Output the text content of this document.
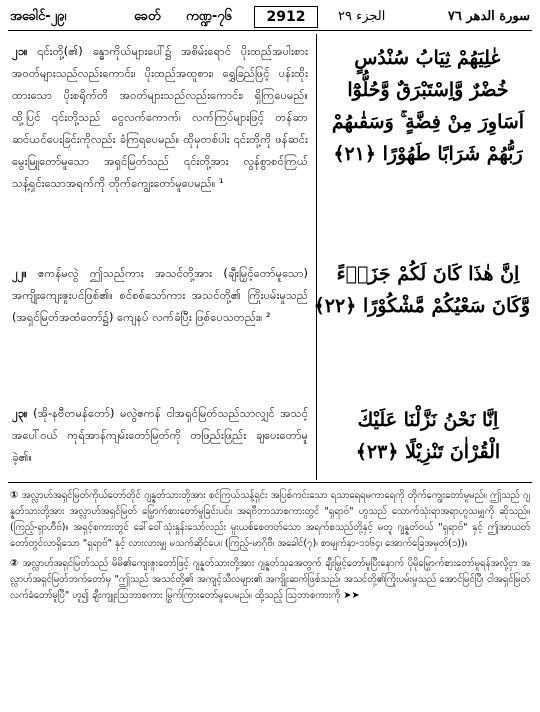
အခေါင်-၂၉၊	ခေတ် ကဏ္ဍ-၇၆	2912	الجزء ٢٩	سورة الدهر ٧٦
၂၁။ ၎င်းတို့(၏) ခန္ဓာကိုယ်များပေါ်၌ အစိမ်းရောင် ပိုးထည်အပါးစား အဝတ်များသည်လည်းကောင်း၊ ပိုးထည်အထူစား၊ ရွှေခြည်ဖြင့် ပန်းထိုးထားသော ပိုးစရိုက်တိ အဝတ်များသည်လည်းကောင်း၊ ရှိကြပေမည်။ ထို့ပြင် ၎င်းတို့သည် ငွေလက်ကောက်၊ လက်ကြပ်များဖြင့် တန်ဆာဆင်ယင်ပေးခြင်းကိုလည်း ခံကြရပေမည်။ ထိုမှတစ်ပါး ၎င်းတို့ကို ဖန်ဆင်းမွေးမြူတော်မူသော အရှင်မြတ်သည် ၎င်းတို့အား လွန်စွာစင်ကြယ် သန့်ရှင်းသောအရက်ကို တိုက်ကျွေးတော်မူပေမည်။ ¹
၂၂။ ဧကန်မလွဲ ဤသည်ကား အသင်တို့အား (ချီးမြှင့်တော်မူသော) အကျိုးကျေးဇူးပင်ဖြစ်၏။ စင်စစ်သော်ကား အသင်တို့၏ ကြိုးပမ်းမှုသည် (အရှင်မြတ်အထံတော်၌) ကျေနပ် လက်ခံပြီး ဖြစ်ပေသတည်း။ ²
၂၃။ (အို-နဗီတမန်တော်) မလွဲဧကန် ငါအရှင်မြတ်သည်သာလျှင် အသင့်အပေါ်ဝယ် ကုရ်အာန်ကျမ်းတော်မြတ်ကို တဖြည်းဖြည်း ချပေးတော်မူခဲ့၏။
عٰلِيَهُمْ ثِيَابُ سُنْدُسٍ
خُضْرٌ وَّاِسْتَبْرَقٌ وَّحُلُّوْٓا
اَسَاوِرَ مِنْ فِضَّةٍ ۚ وَسَقٰىهُمْ
رَبُّهُمْ شَرَابًا طَهُوْرًا ﴿٢١﴾
اِنَّ هٰذَا كَانَ لَكُمْ جَزَاۤءً
وَّكَانَ سَعْيُكُمْ مَّشْكُوْرًا ﴿٢٢﴾
اِنَّا نَحْنُ نَزَّلْنَا عَلَيْكَ
الْقُرْاٰنَ تَنْزِيْلًا ﴿٢٣﴾

① အလ္လာဟ်အရှင်မြတ်ကိုယ်တော်တိုင် ဂျန္နတ်သားတို့အား စင်ကြယ်သန့်ရှင်း အပြစ်ကင်းသော ရသာရေရမကာရေကို တိုက်ကျွေးတော်မူမည်။ ဤသည် ဂျန္နတ်သားတို့အား အလ္လာဟ်အရှင်မြတ် မြှောက်စားတော်မူခြင်းပင်။ အရဗီဘာသာစကားတွင် "ရှရာဗ်" ဟူသည် သောက်သုံးရာအရာဟူသမျှကို ဆိုသည်။ (ကြည့်-ရှာဟီဗ်)။ အရှင့်စကားတွင် ခေါ်ဝေါ်သုံးနှုန်းသော်လည်း မူးယစ်စေတတ်သော အရက်စသည်တို့နှင့် မတူ ဂျန္နတ်ဝယ် "ရှရာဗ်" နှင့် ဤအာယတ်တော်တွင်လာရှိသော "ရှရာဗ်" နှင့် လားလားမျှ မသက်ဆိုင်ပေ။ (ကြည့်-မာဂိုဗီ၊ အခေါင်(၇)၊ စာမျက်နှာ-၁၁၆၄၊ အောက်ခြေအမှတ်(၁))။

② အလ္လာဟ်အရှင်မြတ်သည် မိမိ၏ကျေးဇူးတော်ဖြင့် ဂျန္နတ်သားတို့အား ဂျန္နတ်သုခအတွက် ချီးမြှင့်တော်မူပြီးနောက် ပိုမိုမြှောက်စားတော်မူရန်အလို့ငှာ အလ္လာဟ်အရှင်မြတ်ဘက်တော်မှ "ဤသည် အသင်တို့၏ အကျင့်သီလများ၏ အကျိုးဆက်ဖြစ်သည်၊ အသင်တို့၏ကြိုးပမ်းမှုသည် အောင်မြင်ပြီ၊ ငါအရှင်မြတ် လက်ခံတော်မူပြီ" ဟူ၍ ချီးကျူးဩဘာစကား မြွက်ကြားတော်မူပေမည်။ ထို့သည့် ဩဘာစကားကို ➤➤
